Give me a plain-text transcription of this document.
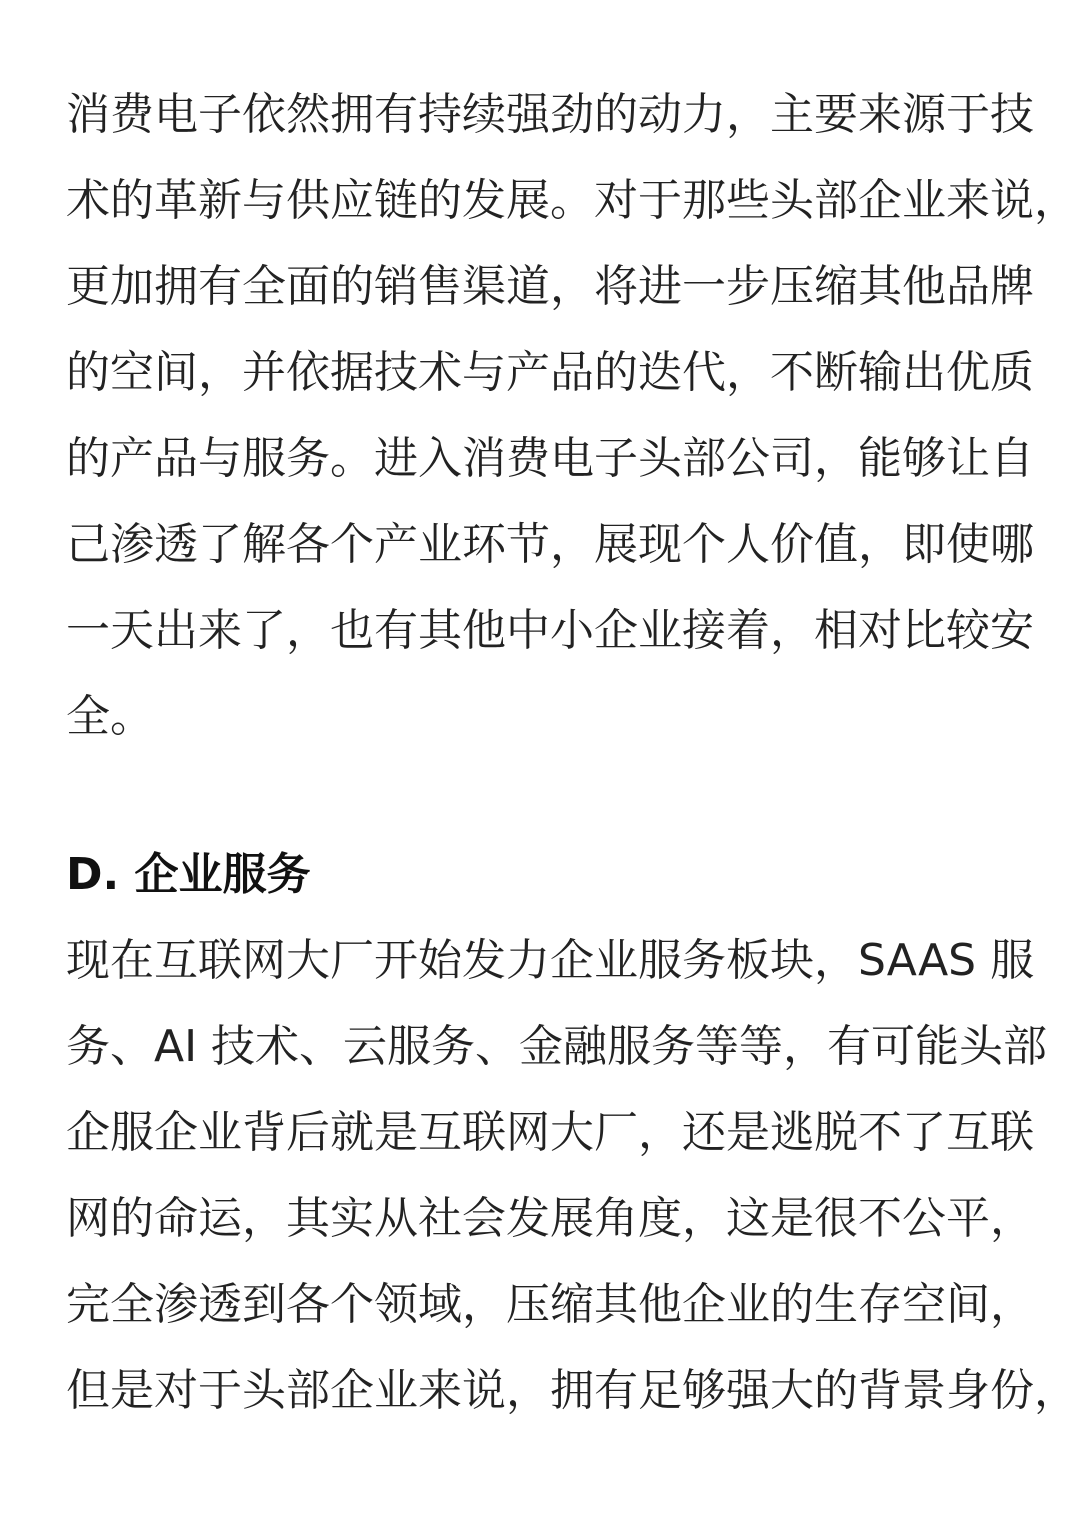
消费电子依然拥有持续强劲的动力，主要来源于技
术的革新与供应链的发展。对于那些头部企业来说，
更加拥有全面的销售渠道，将进一步压缩其他品牌
的空间，并依据技术与产品的迭代，不断输出优质
的产品与服务。进入消费电子头部公司，能够让自
己渗透了解各个产业环节，展现个人价值，即使哪
一天出来了，也有其他中小企业接着，相对比较安
全。
D. 企业服务
现在互联网大厂开始发力企业服务板块，SAAS 服
务、AI 技术、云服务、金融服务等等，有可能头部
企服企业背后就是互联网大厂，还是逃脱不了互联
网的命运，其实从社会发展角度，这是很不公平，
完全渗透到各个领域，压缩其他企业的生存空间，
但是对于头部企业来说，拥有足够强大的背景身份，
